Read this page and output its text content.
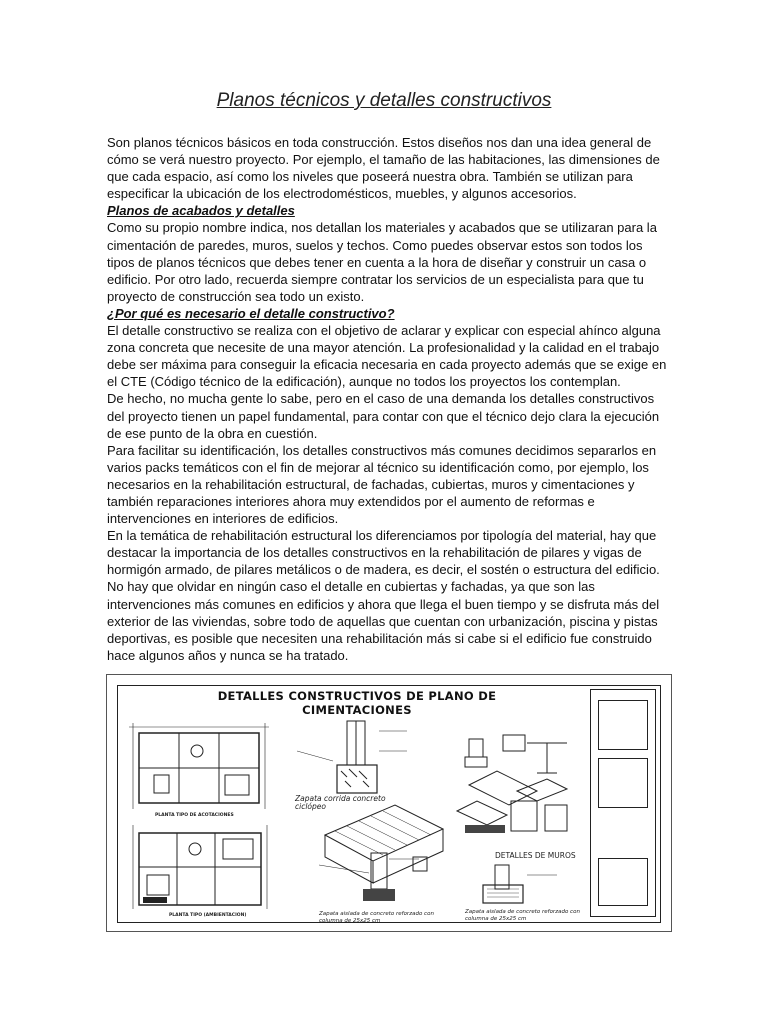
Planos técnicos y detalles constructivos

Son planos técnicos básicos en toda construcción. Estos diseños nos dan una idea general de cómo se verá nuestro proyecto. Por ejemplo, el tamaño de las habitaciones, las dimensiones de que cada espacio, así como los niveles que poseerá nuestra obra. También se utilizan para especificar la ubicación de los electrodomésticos, muebles, y algunos accesorios.

Planos de acabados y detalles

Como su propio nombre indica, nos detallan los materiales y acabados que se utilizaran para la cimentación de paredes, muros, suelos y techos. Como puedes observar estos son todos los tipos de planos técnicos que debes tener en cuenta a la hora de diseñar y construir un casa o edificio. Por otro lado, recuerda siempre contratar los servicios de un especialista para que tu proyecto de construcción sea todo un existo.

¿Por qué es necesario el detalle constructivo?

El detalle constructivo se realiza con el objetivo de aclarar y explicar con especial ahínco alguna zona concreta que necesite de una mayor atención. La profesionalidad y la calidad en el trabajo debe ser máxima para conseguir la eficacia necesaria en cada proyecto además que se exige en el CTE (Código técnico de la edificación), aunque no todos los proyectos los contemplan.

De hecho, no mucha gente lo sabe, pero en el caso de una demanda los detalles constructivos del proyecto tienen un papel fundamental, para contar con que el técnico dejo clara la ejecución de ese punto de la obra en cuestión.

Para facilitar su identificación, los detalles constructivos más comunes decidimos separarlos en varios packs temáticos con el fin de mejorar al técnico su identificación como, por ejemplo, los necesarios en la rehabilitación estructural, de fachadas, cubiertas, muros y cimentaciones y también reparaciones interiores ahora muy extendidos por el aumento de reformas e intervenciones en interiores de edificios.

En la temática de rehabilitación estructural los diferenciamos por tipología del material, hay que destacar la importancia de los detalles constructivos en la rehabilitación de pilares y vigas de hormigón armado, de pilares metálicos o de madera, es decir, el sostén o estructura del edificio. No hay que olvidar en ningún caso el detalle en cubiertas y fachadas, ya que son las intervenciones más comunes en edificios y ahora que llega el buen tiempo y se disfruta más del exterior de las viviendas, sobre todo de aquellas que cuentan con urbanización, piscina y pistas deportivas, es posible que necesiten una rehabilitación más si cabe si el edificio fue construido hace algunos años y nunca se ha tratado.

DETALLES CONSTRUCTIVOS DE PLANO DE
CIMENTACIONES
PLANTA TIPO DE ACOTACIONES
PLANTA TIPO (AMBIENTACION)
Zapata corrida concreto ciclópeo
DETALLES DE MUROS
Zapata aislada de concreto reforzado con columna de 25x25 cm
Zapata aislada de concreto reforzado con columna de 25x25 cm
